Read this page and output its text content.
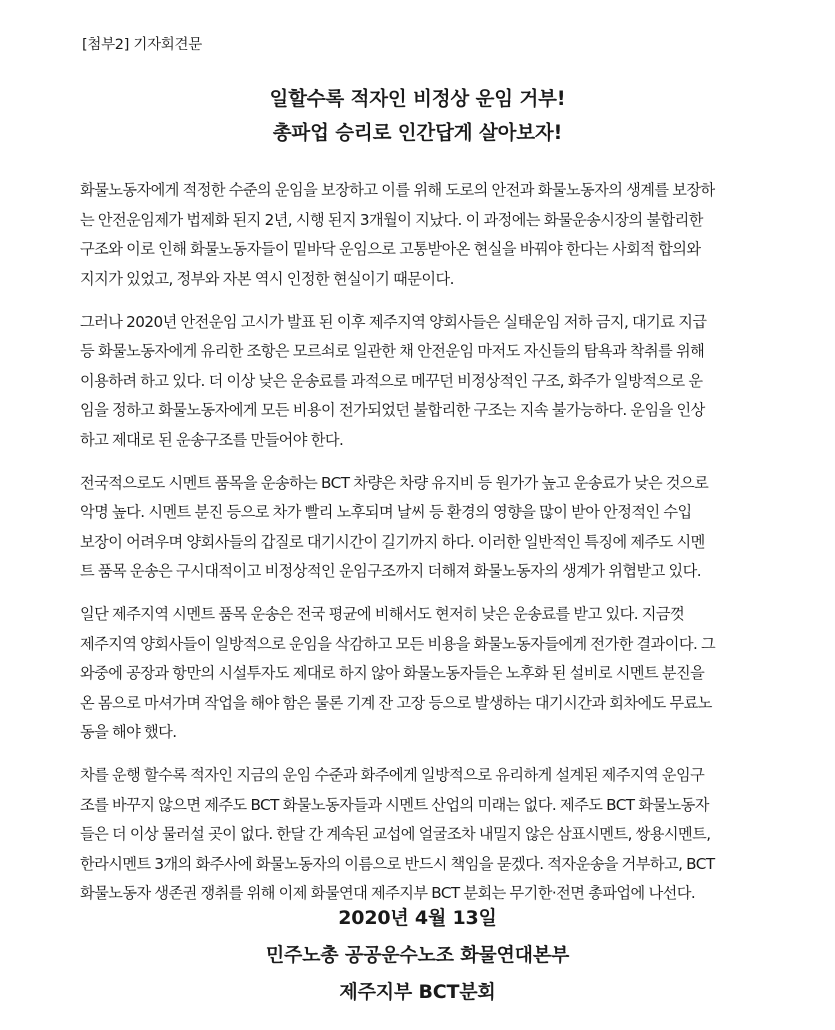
[첨부2] 기자회견문
일할수록 적자인 비정상 운임 거부!
총파업 승리로 인간답게 살아보자!

화물노동자에게 적정한 수준의 운임을 보장하고 이를 위해 도로의 안전과 화물노동자의 생계를 보장하
는 안전운임제가 법제화 된지 2년, 시행 된지 3개월이 지났다. 이 과정에는 화물운송시장의 불합리한
구조와 이로 인해 화물노동자들이 밑바닥 운임으로 고통받아온 현실을 바꿔야 한다는 사회적 합의와
지지가 있었고, 정부와 자본 역시 인정한 현실이기 때문이다.

그러나 2020년 안전운임 고시가 발표 된 이후 제주지역 양회사들은 실태운임 저하 금지, 대기료 지급
등 화물노동자에게 유리한 조항은 모르쇠로 일관한 채 안전운임 마저도 자신들의 탐욕과 착취를 위해
이용하려 하고 있다. 더 이상 낮은 운송료를 과적으로 메꾸던 비정상적인 구조, 화주가 일방적으로 운
임을 정하고 화물노동자에게 모든 비용이 전가되었던 불합리한 구조는 지속 불가능하다. 운임을 인상
하고 제대로 된 운송구조를 만들어야 한다.

전국적으로도 시멘트 품목을 운송하는 BCT 차량은 차량 유지비 등 원가가 높고 운송료가 낮은 것으로
악명 높다. 시멘트 분진 등으로 차가 빨리 노후되며 날씨 등 환경의 영향을 많이 받아 안정적인 수입
보장이 어려우며 양회사들의 갑질로 대기시간이 길기까지 하다. 이러한 일반적인 특징에 제주도 시멘
트 품목 운송은 구시대적이고 비정상적인 운임구조까지 더해져 화물노동자의 생계가 위협받고 있다.

일단 제주지역 시멘트 품목 운송은 전국 평균에 비해서도 현저히 낮은 운송료를 받고 있다. 지금껏
제주지역 양회사들이 일방적으로 운임을 삭감하고 모든 비용을 화물노동자들에게 전가한 결과이다. 그
와중에 공장과 항만의 시설투자도 제대로 하지 않아 화물노동자들은 노후화 된 설비로 시멘트 분진을
온 몸으로 마셔가며 작업을 해야 함은 물론 기계 잔 고장 등으로 발생하는 대기시간과 회차에도 무료노
동을 해야 했다.

차를 운행 할수록 적자인 지금의 운임 수준과 화주에게 일방적으로 유리하게 설계된 제주지역 운임구
조를 바꾸지 않으면 제주도 BCT 화물노동자들과 시멘트 산업의 미래는 없다. 제주도 BCT 화물노동자
들은 더 이상 물러설 곳이 없다. 한달 간 계속된 교섭에 얼굴조차 내밀지 않은 삼표시멘트, 쌍용시멘트,
한라시멘트 3개의 화주사에 화물노동자의 이름으로 반드시 책임을 묻겠다. 적자운송을 거부하고, BCT
화물노동자 생존권 쟁취를 위해 이제 화물연대 제주지부 BCT 분회는 무기한·전면 총파업에 나선다.

2020년 4월 13일
민주노총 공공운수노조 화물연대본부
제주지부 BCT분회
